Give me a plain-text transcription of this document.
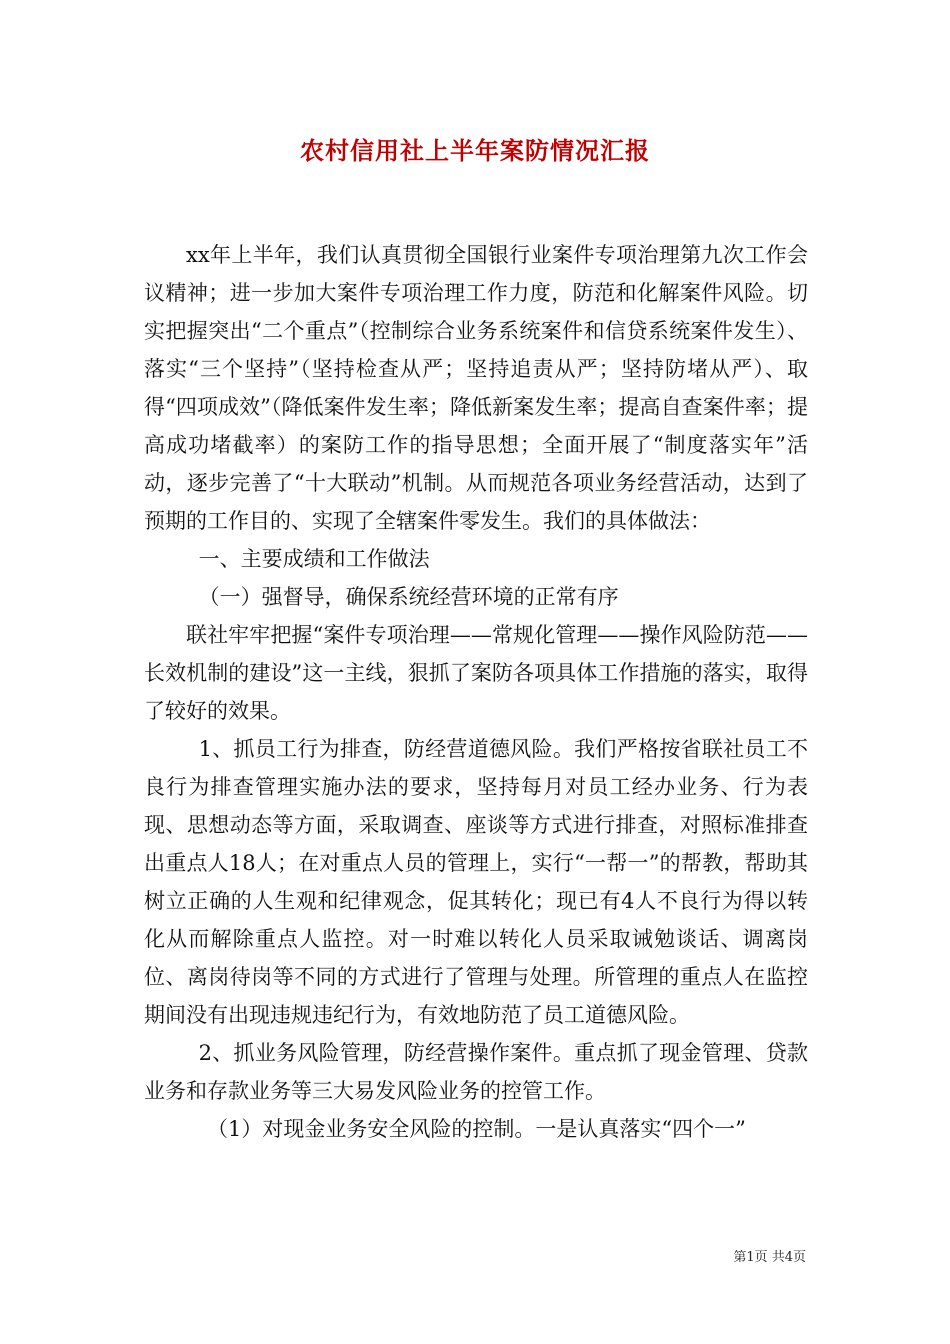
农村信用社上半年案防情况汇报

xx年上半年，我们认真贯彻全国银行业案件专项治理第九次工作会议精神；进一步加大案件专项治理工作力度，防范和化解案件风险。切实把握突出“二个重点”（控制综合业务系统案件和信贷系统案件发生）、落实“三个坚持”（坚持检查从严；坚持追责从严；坚持防堵从严）、取得“四项成效”（降低案件发生率；降低新案发生率；提高自查案件率；提高成功堵截率）的案防工作的指导思想；全面开展了“制度落实年”活动，逐步完善了“十大联动”机制。从而规范各项业务经营活动，达到了预期的工作目的、实现了全辖案件零发生。我们的具体做法：

一、主要成绩和工作做法

（一）强督导，确保系统经营环境的正常有序

联社牢牢把握“案件专项治理——常规化管理——操作风险防范——长效机制的建设”这一主线，狠抓了案防各项具体工作措施的落实，取得了较好的效果。

1、抓员工行为排查，防经营道德风险。我们严格按省联社员工不良行为排查管理实施办法的要求，坚持每月对员工经办业务、行为表现、思想动态等方面，采取调查、座谈等方式进行排查，对照标准排查出重点人18人；在对重点人员的管理上，实行“一帮一”的帮教，帮助其树立正确的人生观和纪律观念，促其转化；现已有4人不良行为得以转化从而解除重点人监控。对一时难以转化人员采取诫勉谈话、调离岗位、离岗待岗等不同的方式进行了管理与处理。所管理的重点人在监控期间没有出现违规违纪行为，有效地防范了员工道德风险。

2、抓业务风险管理，防经营操作案件。重点抓了现金管理、贷款业务和存款业务等三大易发风险业务的控管工作。

（1）对现金业务安全风险的控制。一是认真落实“四个一”

第1页 共4页
